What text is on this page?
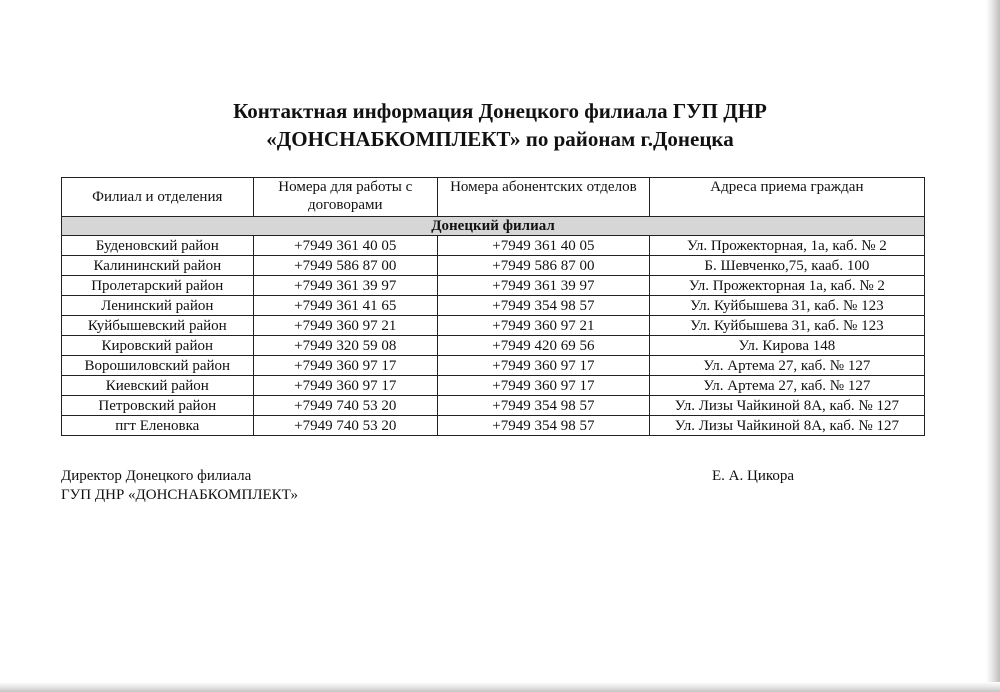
Контактная информация Донецкого филиала ГУП ДНР
«ДОНСНАБКОМПЛЕКТ» по районам г.Донецка
Филиал и отделения	Номера для работы с договорами	Номера абонентских отделов	Адреса приема граждан
Донецкий филиал			
Буденовский район	+7949 361 40 05	+7949 361 40 05	Ул. Прожекторная, 1а, каб. № 2
Калининский район	+7949 586 87 00	+7949 586 87 00	Б. Шевченко,75, кааб. 100
Пролетарский район	+7949 361 39 97	+7949 361 39 97	Ул. Прожекторная 1а, каб. № 2
Ленинский район	+7949 361 41 65	+7949 354 98 57	Ул. Куйбышева 31, каб. № 123
Куйбышевский район	+7949 360 97 21	+7949 360 97 21	Ул. Куйбышева 31, каб. № 123
Кировский район	+7949 320 59 08	+7949 420 69 56	Ул. Кирова 148
Ворошиловский район	+7949 360 97 17	+7949 360 97 17	Ул. Артема 27, каб. № 127
Киевский район	+7949 360 97 17	+7949 360 97 17	Ул. Артема 27, каб. № 127
Петровский район	+7949 740 53 20	+7949 354 98 57	Ул. Лизы Чайкиной 8А, каб. № 127
пгт Еленовка	+7949 740 53 20	+7949 354 98 57	Ул. Лизы Чайкиной 8А, каб. № 127
Директор Донецкого филиала
ГУП ДНР «ДОНСНАБКОМПЛЕКТ»
Е. А. Цикора
